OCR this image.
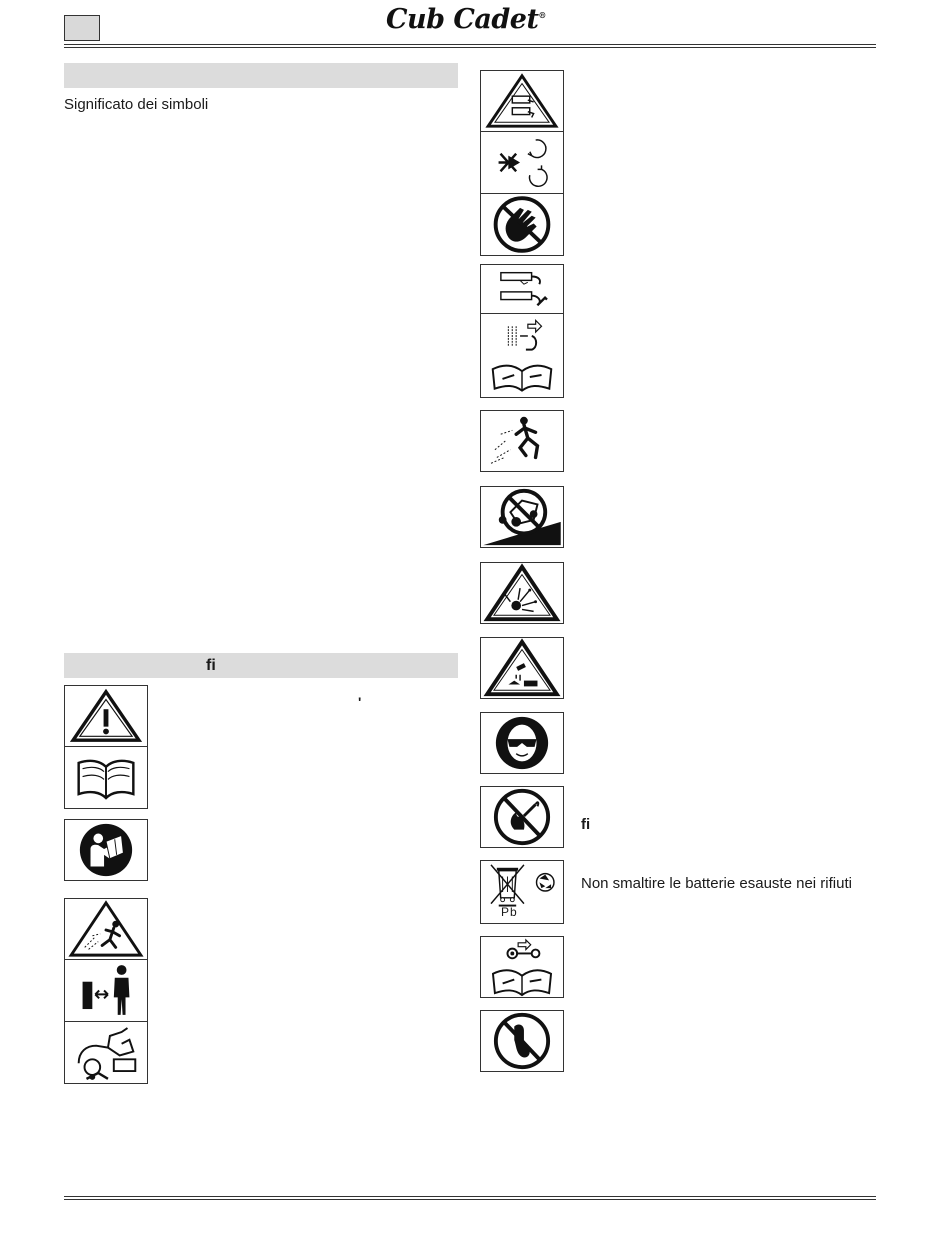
Cub Cadet®
Significato dei simboli
fi
'
Pb
fi
Non smaltire le batterie esauste nei rifiuti
